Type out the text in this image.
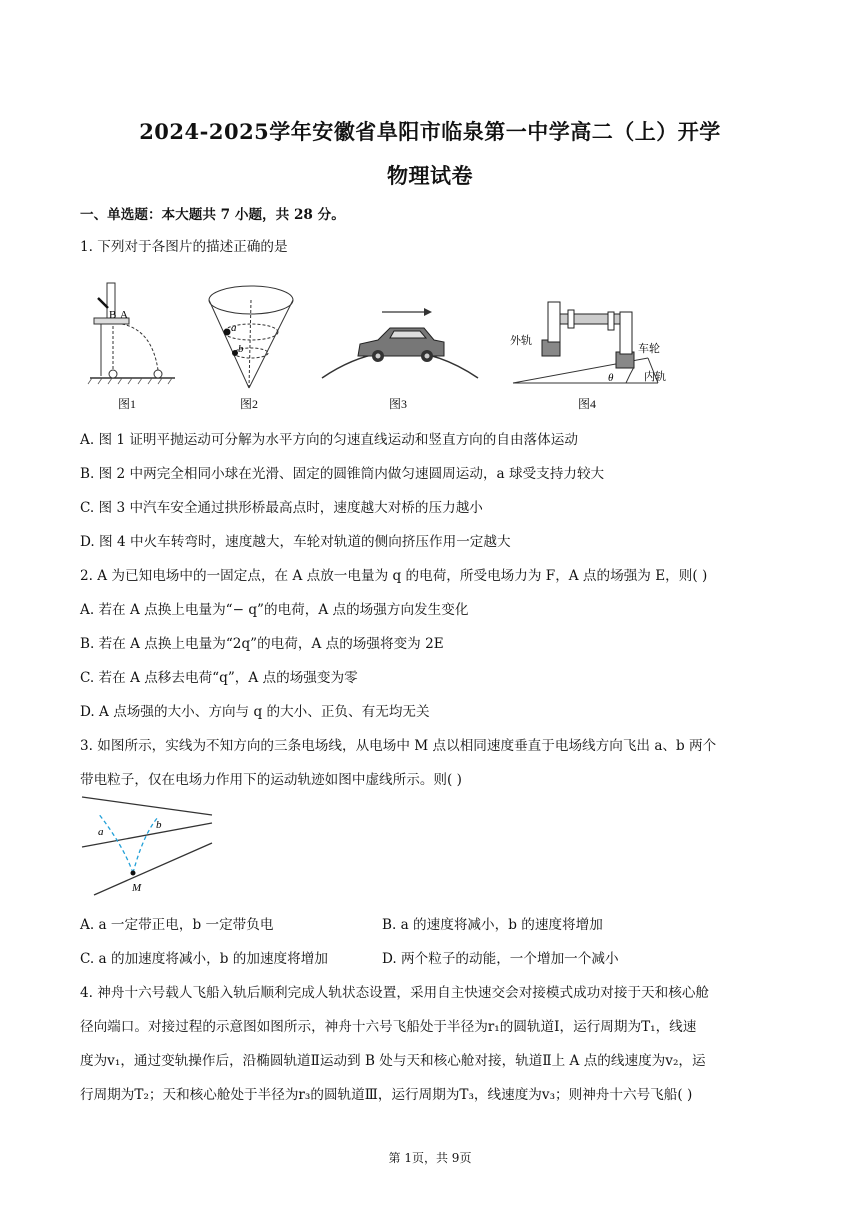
2024-2025学年安徽省阜阳市临泉第一中学高二（上）开学
物理试卷
一、单选题：本大题共 7 小题，共 28 分。
1. 下列对于各图片的描述正确的是
B A
图1
a
b
图2	图3
外轨
车轮
内轨
θ
图4
A. 图 1 证明平抛运动可分解为水平方向的匀速直线运动和竖直方向的自由落体运动
B. 图 2 中两完全相同小球在光滑、固定的圆锥筒内做匀速圆周运动，a 球受支持力较大
C. 图 3 中汽车安全通过拱形桥最高点时，速度越大对桥的压力越小
D. 图 4 中火车转弯时，速度越大，车轮对轨道的侧向挤压作用一定越大
2. A 为已知电场中的一固定点，在 A 点放一电量为 q 的电荷，所受电场力为 F，A 点的场强为 E，则( )
A. 若在 A 点换上电量为“− q”的电荷，A 点的场强方向发生变化
B. 若在 A 点换上电量为“2q”的电荷，A 点的场强将变为 2E
C. 若在 A 点移去电荷“q”，A 点的场强变为零
D. A 点场强的大小、方向与 q 的大小、正负、有无均无关
3. 如图所示，实线为不知方向的三条电场线，从电场中 M 点以相同速度垂直于电场线方向飞出 a、b 两个
带电粒子，仅在电场力作用下的运动轨迹如图中虚线所示。则( )
a
b
M
A. a 一定带正电，b 一定带负电	B. a 的速度将减小，b 的速度将增加
C. a 的加速度将减小，b 的加速度将增加	D. 两个粒子的动能，一个增加一个减小
4. 神舟十六号载人飞船入轨后顺利完成人轨状态设置，采用自主快速交会对接模式成功对接于天和核心舱
径向端口。对接过程的示意图如图所示，神舟十六号飞船处于半径为r₁的圆轨道Ⅰ，运行周期为T₁，线速
度为v₁，通过变轨操作后，沿椭圆轨道Ⅱ运动到 B 处与天和核心舱对接，轨道Ⅱ上 A 点的线速度为v₂，运
行周期为T₂；天和核心舱处于半径为r₃的圆轨道Ⅲ，运行周期为T₃，线速度为v₃；则神舟十六号飞船( )
第 1页，共 9页
